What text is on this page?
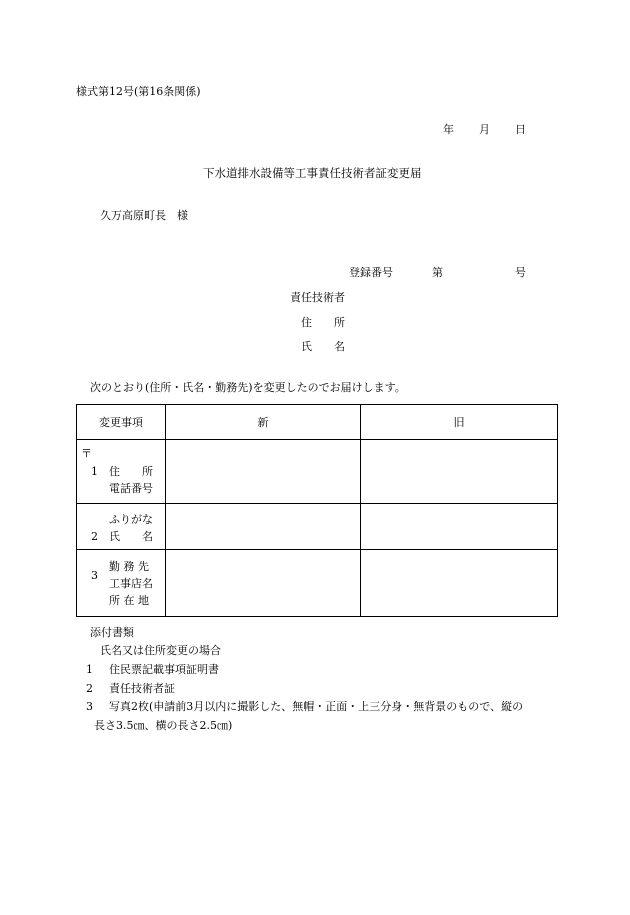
様式第12号(第16条関係)
年 月 日
下水道排水設備等工事責任技術者証変更届
久万高原町長　様
登録番号	第	号
責任技術者
住　　所
氏　　名
次のとおり(住所・氏名・勤務先)を変更したのでお届けします。
変更事項	新	旧

〒
1 住　　所
電話番号		

ふりがな
2 氏　　名		

3
勤 務 先
工事店名
所 在 地		

添付書類
氏名又は住所変更の場合
1 住民票記載事項証明書
2 責任技術者証
3 写真2枚(申請前3月以内に撮影した、無帽・正面・上三分身・無背景のもので、縦の
長さ3.5㎝、横の長さ2.5㎝)
